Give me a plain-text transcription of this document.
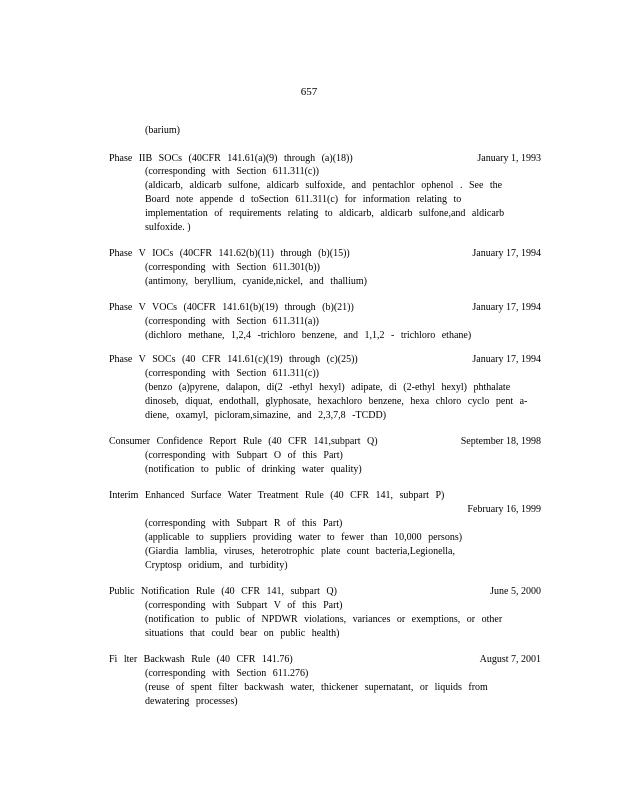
657
(barium)
Phase IIB SOCs (40CFR 141.61(a)(9) through (a)(18))	January 1, 1993
(corresponding with Section 611.311(c))
(aldicarb, aldicarb sulfone, aldicarb sulfoxide, and pentachlor ophenol . See the
Board note appende d toSection 611.311(c) for information relating to
implementation of requirements relating to aldicarb, aldicarb sulfone,and aldicarb
sulfoxide. )
Phase V IOCs (40CFR 141.62(b)(11) through (b)(15))	January 17, 1994
(corresponding with Section 611.301(b))
(antimony, beryllium, cyanide,nickel, and thallium)
Phase V VOCs (40CFR 141.61(b)(19) through (b)(21))	January 17, 1994
(corresponding with Section 611.311(a))
(dichloro methane, 1,2,4 -trichloro benzene, and 1,1,2 - trichloro ethane)
Phase V SOCs (40 CFR 141.61(c)(19) through (c)(25))	January 17, 1994
(corresponding with Section 611.311(c))
(benzo (a)pyrene, dalapon, di(2 -ethyl hexyl) adipate, di (2-ethyl hexyl) phthalate
dinoseb, diquat, endothall, glyphosate, hexachloro benzene, hexa chloro cyclo pent a-
diene, oxamyl, picloram,simazine, and 2,3,7,8 -TCDD)
Consumer Confidence Report Rule (40 CFR 141,subpart Q)	September 18, 1998
(corresponding with Subpart O of this Part)
(notification to public of drinking water quality)
Interim Enhanced Surface Water Treatment Rule (40 CFR 141, subpart P)
February 16, 1999
(corresponding with Subpart R of this Part)
(applicable to suppliers providing water to fewer than 10,000 persons)
(Giardia lamblia, viruses, heterotrophic plate count bacteria,Legionella,
Cryptosp oridium, and turbidity)
Public Notification Rule (40 CFR 141, subpart Q)	June 5, 2000
(corresponding with Subpart V of this Part)
(notification to public of NPDWR violations, variances or exemptions, or other
situations that could bear on public health)
Fi lter Backwash Rule (40 CFR 141.76)	August 7, 2001
(corresponding with Section 611.276)
(reuse of spent filter backwash water, thickener supernatant, or liquids from
dewatering processes)
